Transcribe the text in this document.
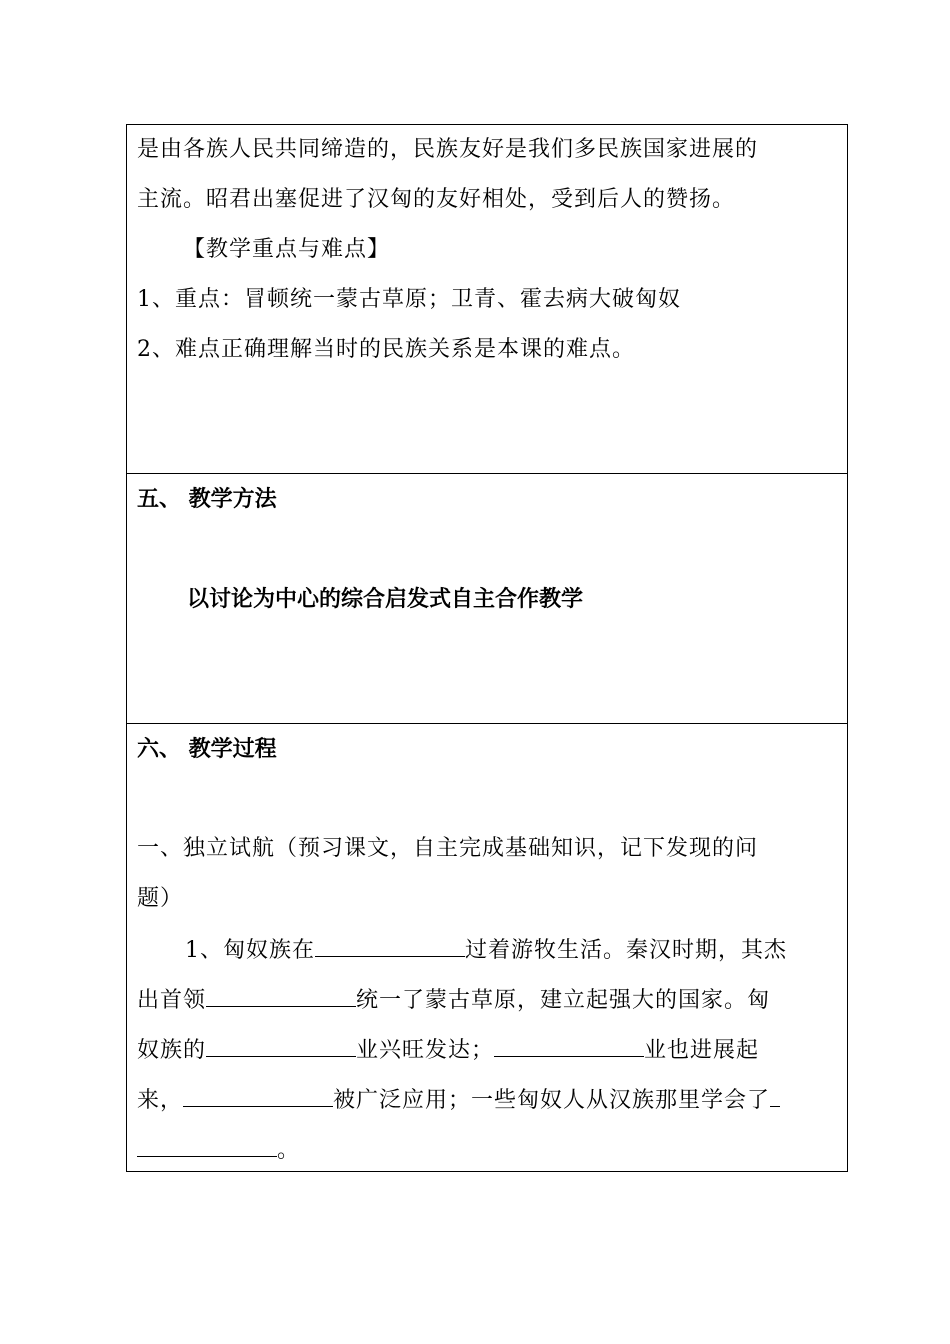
是由各族人民共同缔造的，民族友好是我们多民族国家进展的
主流。昭君出塞促进了汉匈的友好相处，受到后人的赞扬。
【教学重点与难点】
1、重点：冒顿统一蒙古草原；卫青、霍去病大破匈奴
2、难点正确理解当时的民族关系是本课的难点。
五、 教学方法
以讨论为中心的综合启发式自主合作教学
六、 教学过程
一、独立试航（预习课文，自主完成基础知识，记下发现的问
题）
1、匈奴族在	过着游牧生活。秦汉时期，其杰
出首领	统一了蒙古草原，建立起强大的国家。匈
奴族的	业兴旺发达；	业也进展起
来，	被广泛应用；一些匈奴人从汉族那里学会了
。
